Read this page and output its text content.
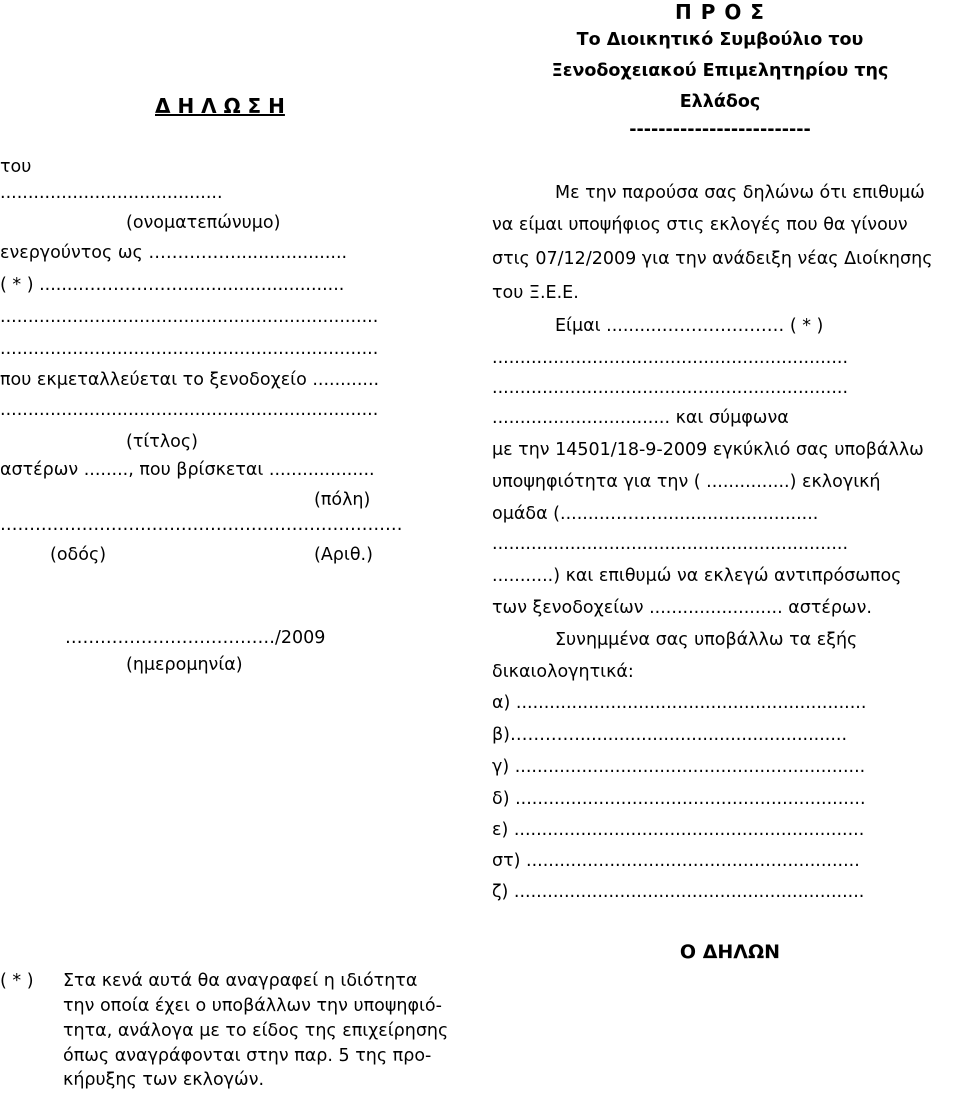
Δ Η Λ Ω Σ Η
Π Ρ Ο Σ
Το Διοικητικό Συμβούλιο του
Ξενοδοχειακού Επιμελητηρίου της
Ελλάδος
-------------------------
του
........................................
(ονοματεπώνυμο)
ενεργούντος ως ……………....................
( * ) .......……………….............................
....................................................................
....................................................................
που εκμεταλλεύεται το ξενοδοχείο ............
....................................................................
(τίτλος)
αστέρων ........, που βρίσκεται ...................
(πόλη)
……………………………………………………………
(οδός)	(Αριθ.)
………………………………/2009
(ημερομηνία)
Με την παρούσα σας δηλώνω ότι επιθυμώ
να είμαι υποψήφιος στις εκλογές που θα γίνουν
στις 07/12/2009 για την ανάδειξη νέας Διοίκησης
του Ξ.Ε.Ε.
Είμαι ..........………………… ( * )
................................................................
................................................................
................................ και σύμφωνα
με την 14501/18-9-2009 εγκύκλιό σας υποβάλλω
υποψηφιότητα για την ( ...............) εκλογική
ομάδα (.........………............................
................................................................
...........) και επιθυμώ να εκλεγώ αντιπρόσωπος
των ξενοδοχείων ........................ αστέρων.
Συνημμένα σας υποβάλλω τα εξής
δικαιολογητικά:
α) ...............................................................
β)…………................................................
γ) ...............................................................
δ) ...............................................................
ε) ...............................................................
στ) ............................................................
ζ) ...............................................................
( * ) Στα κενά αυτά θα αναγραφεί η ιδιότητα
την οποία έχει ο υποβάλλων την υποψηφιό-
τητα, ανάλογα με το είδος της επιχείρησης
όπως αναγράφονται στην παρ. 5 της προ-
κήρυξης των εκλογών.
Ο ΔΗΛΩΝ
